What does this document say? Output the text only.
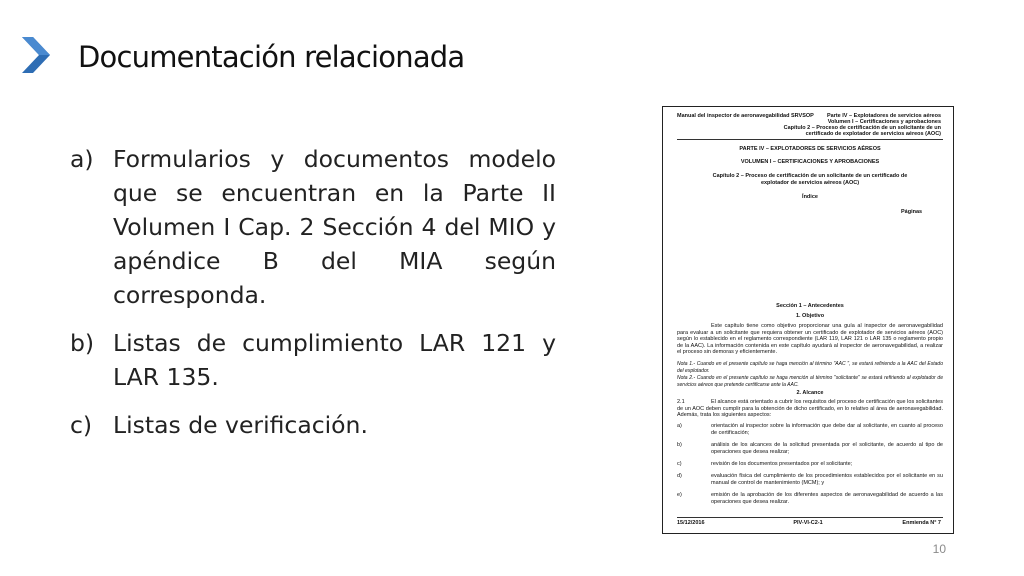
Documentación relacionada
a) Formularios y documentos modelo que se encuentran en la Parte II Volumen I Cap. 2 Sección 4 del MIO y apéndice B del MIA según corresponda.
b) Listas de cumplimiento LAR 121 y LAR 135.
c) Listas de verificación.
Manual del inspector de aeronavegabilidad SRVSOP	Parte IV – Explotadores de servicios aéreos
Volumen I – Certificaciones y aprobaciones
Capítulo 2 – Proceso de certificación de un solicitante de un
certificado de explotador de servicios aéreos (AOC)
PARTE IV – EXPLOTADORES DE SERVICIOS AÉREOS
VOLUMEN I – CERTIFICACIONES Y APROBACIONES
Capítulo 2 – Proceso de certificación de un solicitante de un certificado de explotador de servicios aéreos (AOC)
Índice
Páginas
Sección 1 – Antecedentes
1. Objetivo
Este capítulo tiene como objetivo proporcionar una guía al inspector de aeronavegabilidad para evaluar a un solicitante que requiera obtener un certificado de explotador de servicios aéreos (AOC) según lo establecido en el reglamento correspondiente (LAR 119, LAR 121 o LAR 135 o reglamento propio de la AAC). La información contenida en este capítulo ayudará al inspector de aeronavegabilidad, a realizar el proceso sin demoras y eficientemente.
Nota 1.- Cuando en el presente capítulo se haga mención al término "AAC ", se estará refiriendo a la AAC del Estado del explotador.
Nota 2.- Cuando en el presente capítulo se haga mención al término "solicitante" se estará refiriendo al explotador de servicios aéreos que pretende certificarse ante la AAC.
2. Alcance
2.1	El alcance está orientado a cubrir los requisitos del proceso de certificación que los solicitantes de un AOC deben cumplir para la obtención de dicho certificado, en lo relativo al área de aeronavegabilidad. Además, trata los siguientes aspectos:
a)	orientación al inspector sobre la información que debe dar al solicitante, en cuanto al proceso de certificación;
b)	análisis de los alcances de la solicitud presentada por el solicitante, de acuerdo al tipo de operaciones que desea realizar;
c)	revisión de los documentos presentados por el solicitante;
d)	evaluación física del cumplimiento de los procedimientos establecidos por el solicitante en su manual de control de mantenimiento (MCM); y
e)	emisión de la aprobación de los diferentes aspectos de aeronavegabilidad de acuerdo a las operaciones que desea realizar.
15/12/2016	PIV-VI-C2-1	Enmienda N° 7
10
